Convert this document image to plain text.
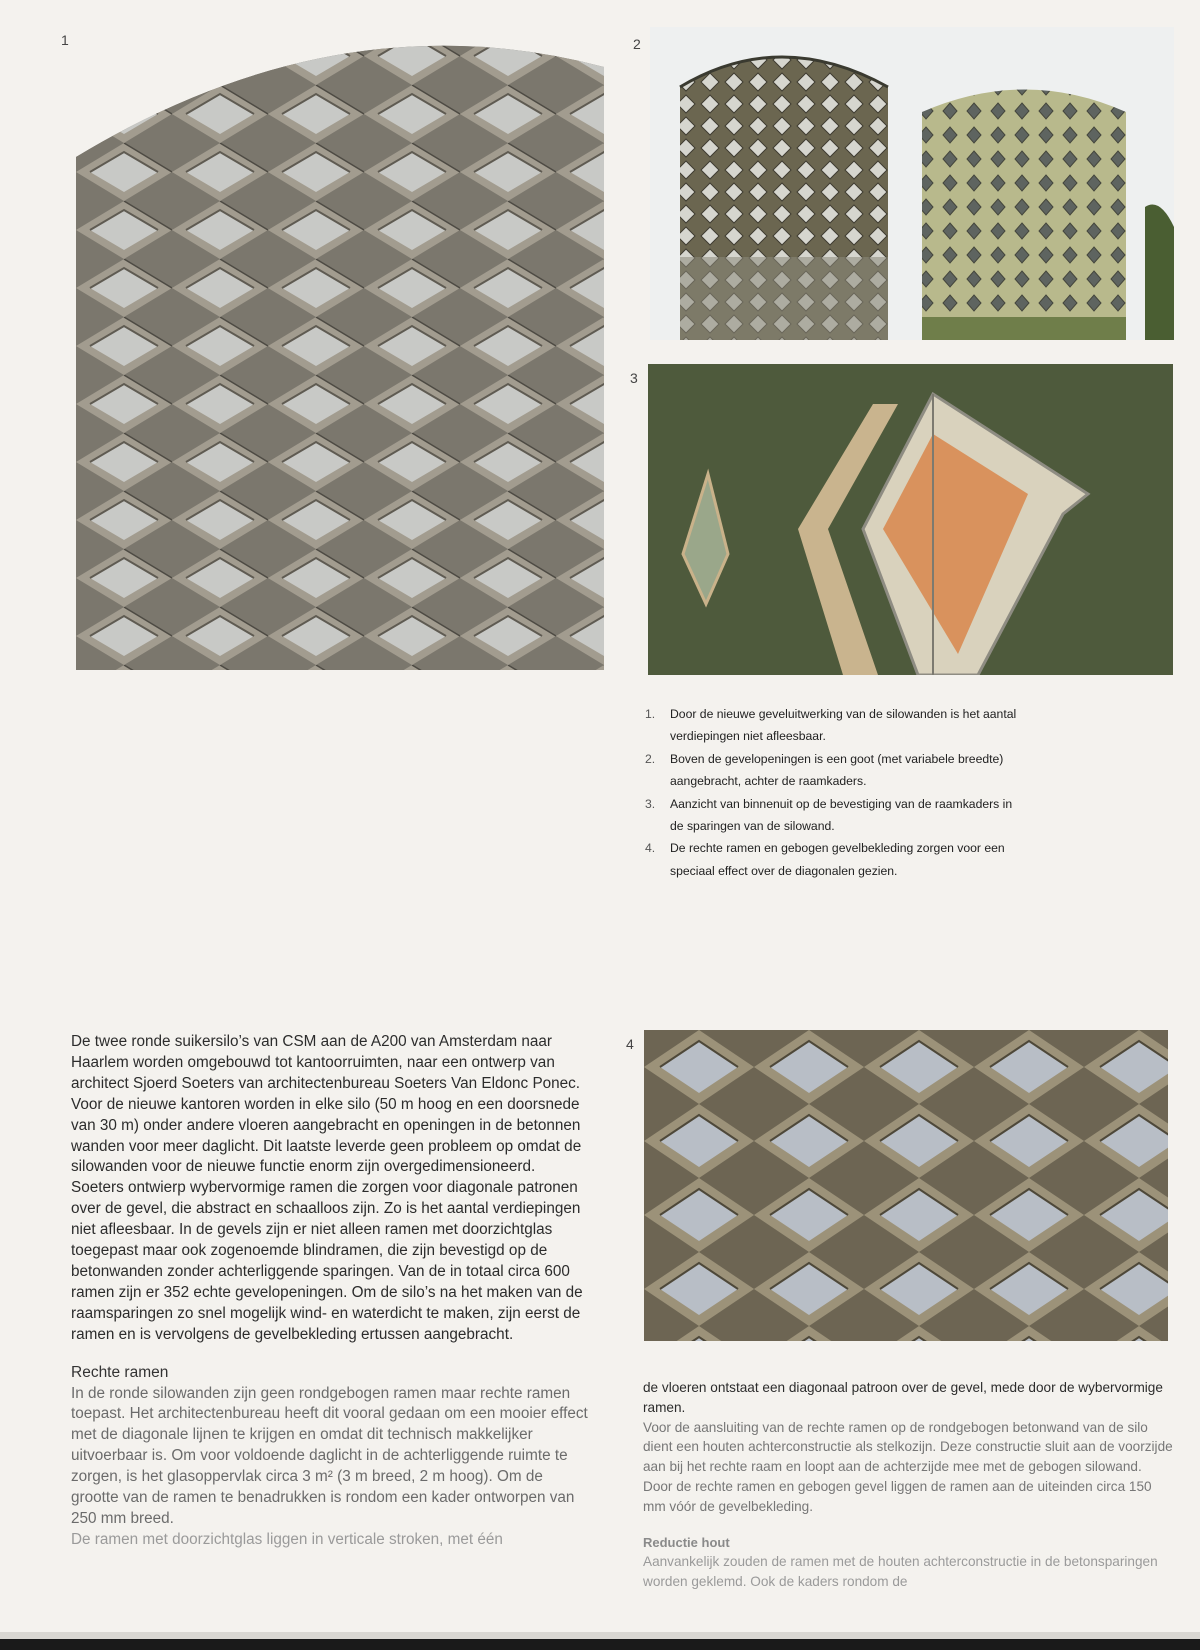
1	2
3
4
1. Door de nieuwe geveluitwerking van de silowanden is het aantal verdiepingen niet afleesbaar.
2. Boven de gevelopeningen is een goot (met variabele breedte) aangebracht, achter de raamkaders.
3. Aanzicht van binnenuit op de bevestiging van de raamkaders in de sparingen van de silowand.
4. De rechte ramen en gebogen gevelbekleding zorgen voor een speciaal effect over de diagonalen gezien.
De twee ronde suikersilo’s van CSM aan de A200 van Amsterdam naar Haarlem worden omgebouwd tot kantoorruimten, naar een ontwerp van architect Sjoerd Soeters van architectenbureau Soeters Van Eldonc Ponec. Voor de nieuwe kantoren worden in elke silo (50 m hoog en een doorsnede van 30 m) onder andere vloeren aangebracht en openingen in de betonnen wanden voor meer daglicht. Dit laatste leverde geen probleem op omdat de silowanden voor de nieuwe functie enorm zijn overgedimensioneerd. Soeters ontwierp wybervormige ramen die zorgen voor diagonale patronen over de gevel, die abstract en schaalloos zijn. Zo is het aantal verdiepingen niet afleesbaar. In de gevels zijn er niet alleen ramen met doorzichtglas toegepast maar ook zogenoemde blindramen, die zijn bevestigd op de betonwanden zonder achterliggende sparingen. Van de in totaal circa 600 ramen zijn er 352 echte gevelopeningen. Om de silo’s na het maken van de raamsparingen zo snel mogelijk wind- en waterdicht te maken, zijn eerst de ramen en is vervolgens de gevelbekleding ertussen aangebracht.
Rechte ramen
In de ronde silowanden zijn geen rondgebogen ramen maar rechte ramen toepast. Het architectenbureau heeft dit vooral gedaan om een mooier effect met de diagonale lijnen te krijgen en omdat dit technisch makkelijker uitvoerbaar is. Om voor voldoende daglicht in de achterliggende ruimte te zorgen, is het glasoppervlak circa 3 m² (3 m breed, 2 m hoog). Om de grootte van de ramen te benadrukken is rondom een kader ontworpen van 250 mm breed.
De ramen met doorzichtglas liggen in verticale stroken, met één
de vloeren ontstaat een diagonaal patroon over de gevel, mede door de wybervormige ramen.
Voor de aansluiting van de rechte ramen op de rondgebogen betonwand van de silo dient een houten achterconstructie als stelkozijn. Deze constructie sluit aan de voorzijde aan bij het rechte raam en loopt aan de achterzijde mee met de gebogen silowand. Door de rechte ramen en gebogen gevel liggen de ramen aan de uiteinden circa 150 mm vóór de gevelbekleding.
Reductie hout
Aanvankelijk zouden de ramen met de houten achterconstructie in de betonsparingen worden geklemd. Ook de kaders rondom de
